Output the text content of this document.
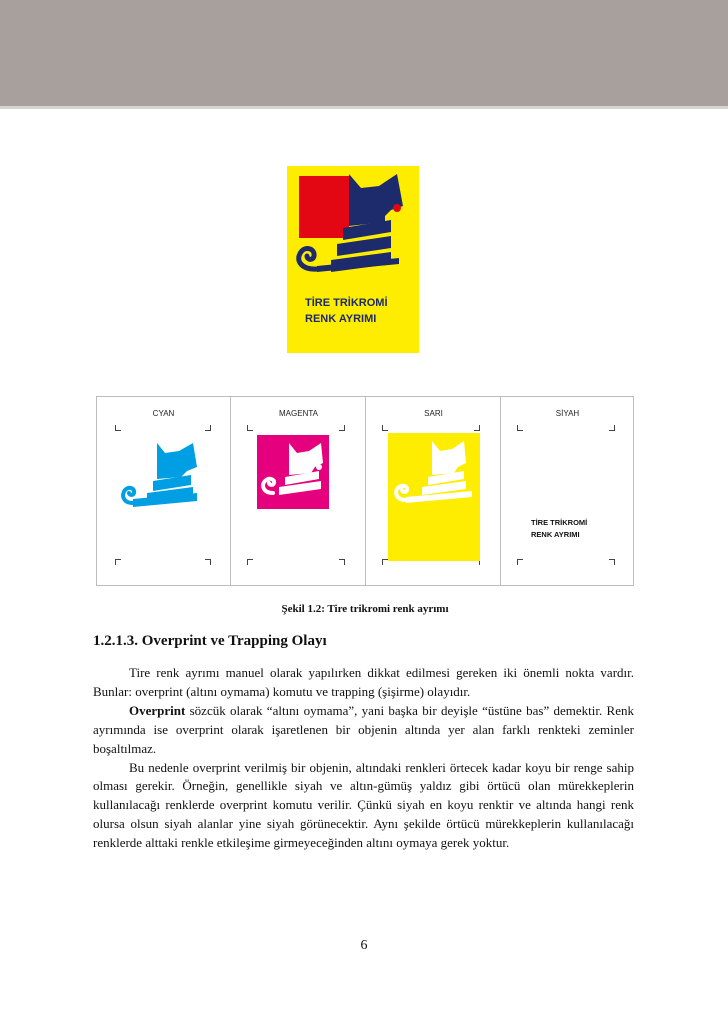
TİRE TRİKROMİ
RENK AYRIMI
CYAN	MAGENTA	SARI	SİYAH
TİRE TRİKROMİ
RENK AYRIMI
Şekil 1.2: Tire trikromi renk ayrımı
1.2.1.3. Overprint ve Trapping Olayı

Tire renk ayrımı manuel olarak yapılırken dikkat edilmesi gereken iki önemli nokta vardır. Bunlar: overprint (altını oymama) komutu ve trapping (şişirme) olayıdır.

Overprint sözcük olarak “altını oymama”, yani başka bir deyişle “üstüne bas” demektir. Renk ayrımında ise overprint olarak işaretlenen bir objenin altında yer alan farklı renkteki zeminler boşaltılmaz.

Bu nedenle overprint verilmiş bir objenin, altındaki renkleri örtecek kadar koyu bir renge sahip olması gerekir. Örneğin, genellikle siyah ve altın-gümüş yaldız gibi örtücü olan mürekkeplerin kullanılacağı renklerde overprint komutu verilir. Çünkü siyah en koyu renktir ve altında hangi renk olursa olsun siyah alanlar yine siyah görünecektir. Aynı şekilde örtücü mürekkeplerin kullanılacağı renklerde alttaki renkle etkileşime girmeyeceğinden altını oymaya gerek yoktur.

6
